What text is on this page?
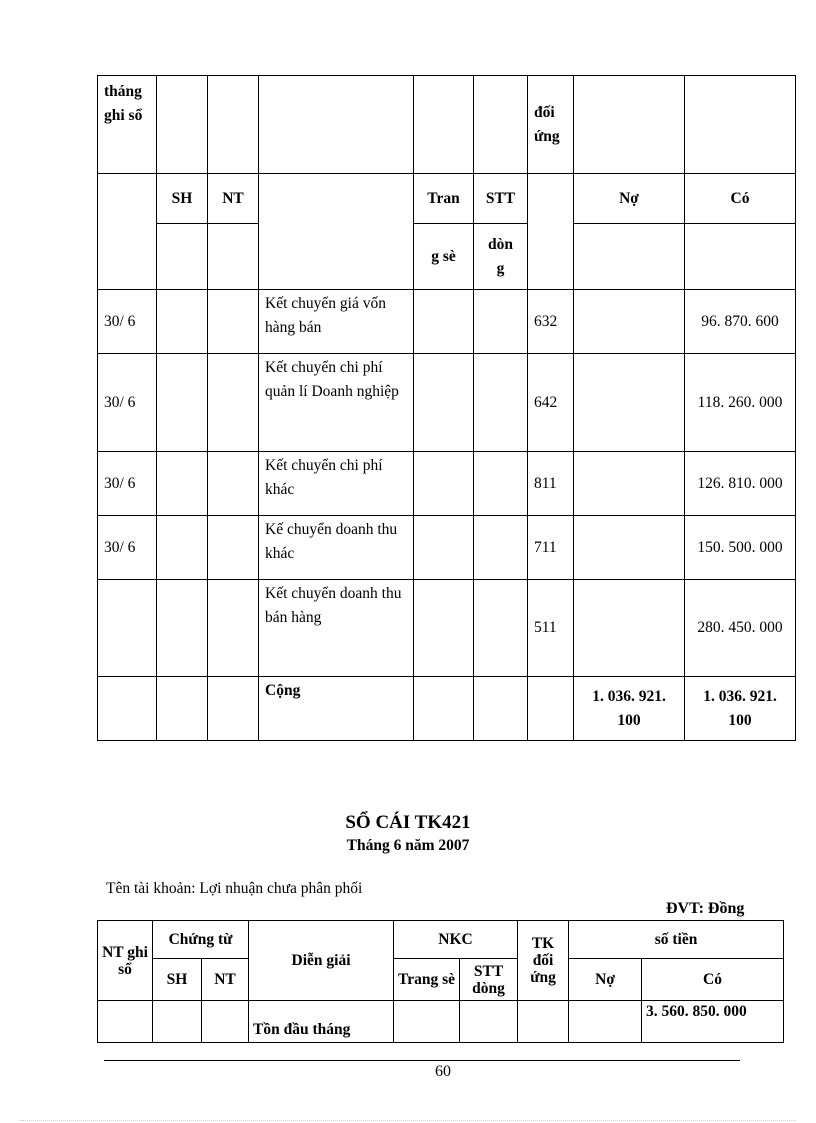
tháng ghi sổ						đối ứng		
	SH	NT		Tran	STT		Nợ	Có
				g sè	dòn
g			
30/ 6			Kết chuyển giá vốn hàng bán			632		96. 870. 600
30/ 6			Kết chuyển chi phí quản lí Doanh nghiệp			642		118. 260. 000
30/ 6			Kết chuyển chi phí khác			811		126. 810. 000
30/ 6			Kế chuyển doanh thu khác			711		150. 500. 000
			Kết chuyển doanh thu bán hàng			511		280. 450. 000
			Cộng				1. 036. 921. 100	1. 036. 921. 100
SỔ CÁI TK421
Tháng 6 năm 2007
Tên tài khoản: Lợi nhuận chưa phân phối
ĐVT: Đồng
NT ghi sổ	Chứng từ		Diễn giải	NKC		TK đối ứng	số tiền	
	SH	NT		Trang sè	STT dòng		Nợ	Có
			Tồn đầu tháng					3. 560. 850. 000
60
